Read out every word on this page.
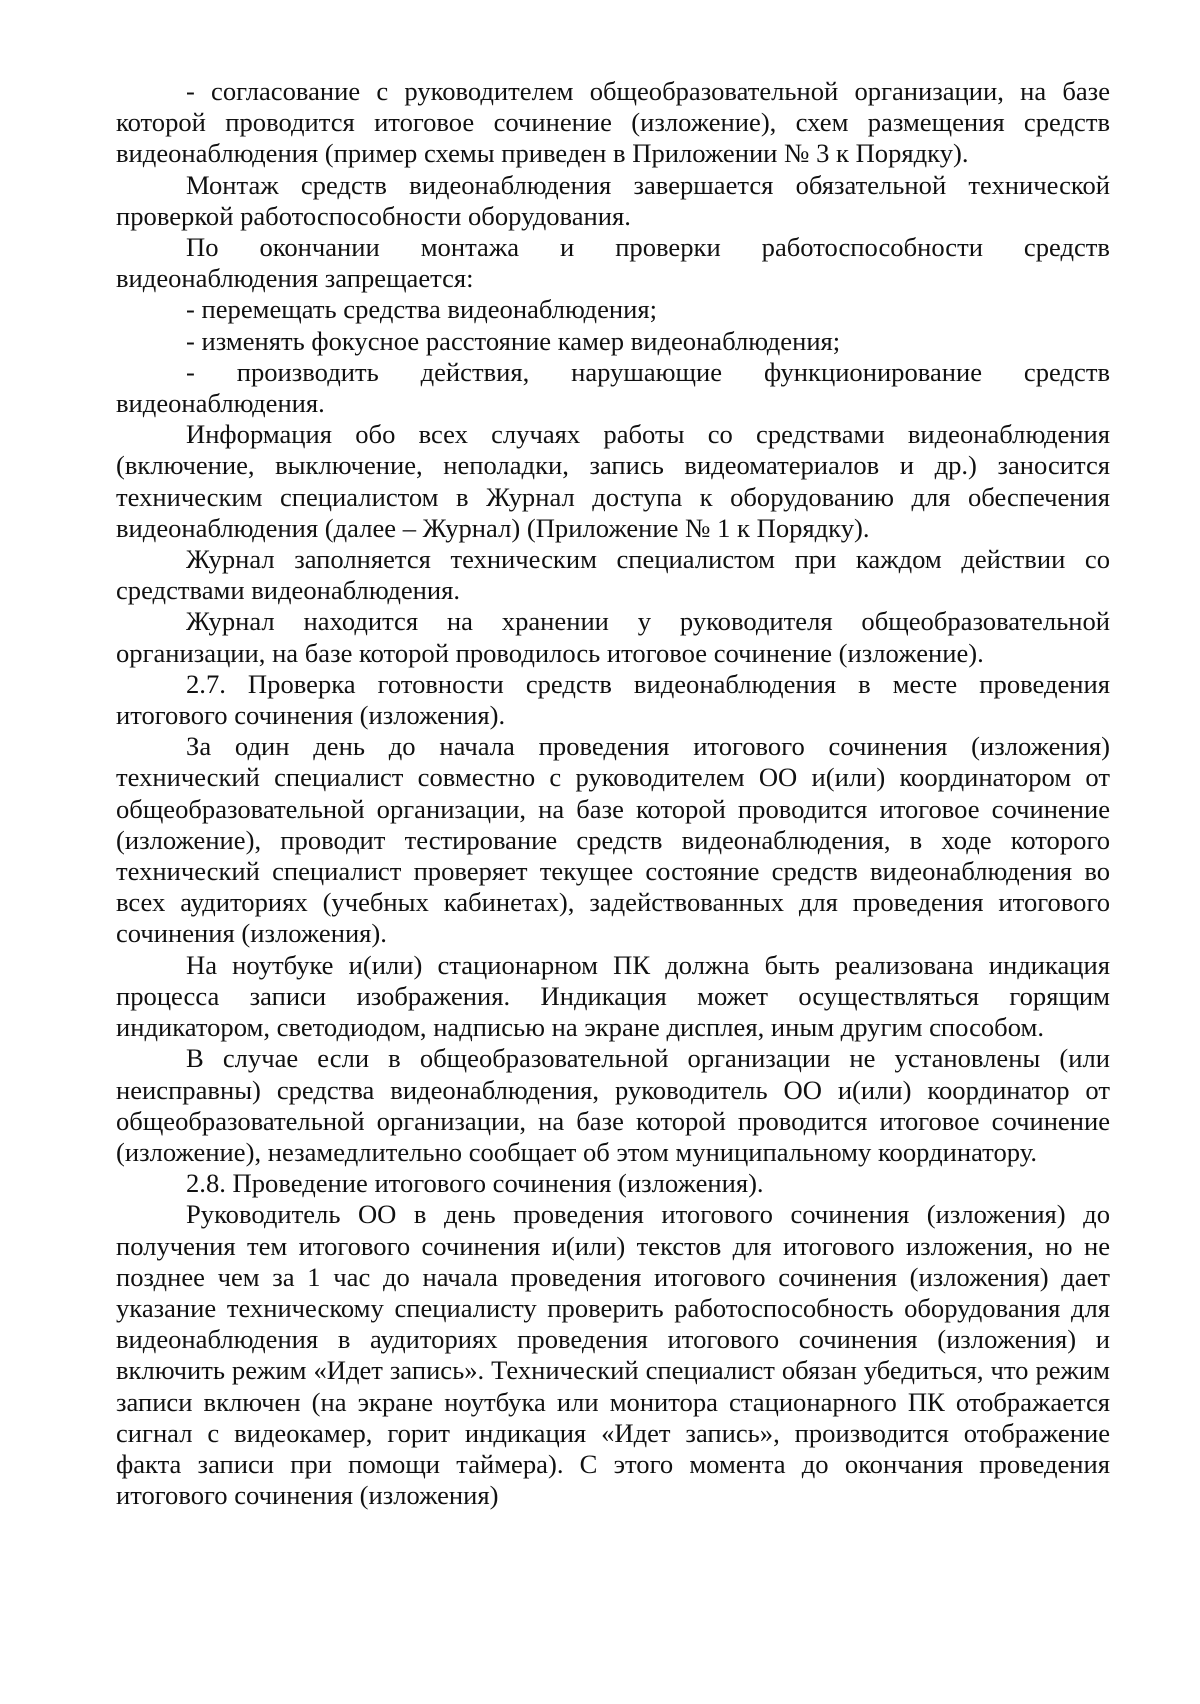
- согласование с руководителем общеобразовательной организации, на базе которой проводится итоговое сочинение (изложение), схем размещения средств видеонаблюдения (пример схемы приведен в Приложении № 3 к Порядку).

Монтаж средств видеонаблюдения завершается обязательной технической проверкой работоспособности оборудования.

По окончании монтажа и проверки работоспособности средств видеонаблюдения запрещается:

- перемещать средства видеонаблюдения;

- изменять фокусное расстояние камер видеонаблюдения;

- производить действия, нарушающие функционирование средств видеонаблюдения.

Информация обо всех случаях работы со средствами видеонаблюдения (включение, выключение, неполадки, запись видеоматериалов и др.) заносится техническим специалистом в Журнал доступа к оборудованию для обеспечения видеонаблюдения (далее – Журнал) (Приложение № 1 к Порядку).

Журнал заполняется техническим специалистом при каждом действии со средствами видеонаблюдения.

Журнал находится на хранении у руководителя общеобразовательной организации, на базе которой проводилось итоговое сочинение (изложение).

2.7. Проверка готовности средств видеонаблюдения в месте проведения итогового сочинения (изложения).

За один день до начала проведения итогового сочинения (изложения) технический специалист совместно с руководителем ОО и(или) координатором от общеобразовательной организации, на базе которой проводится итоговое сочинение (изложение), проводит тестирование средств видеонаблюдения, в ходе которого технический специалист проверяет текущее состояние средств видеонаблюдения во всех аудиториях (учебных кабинетах), задействованных для проведения итогового сочинения (изложения).

На ноутбуке и(или) стационарном ПК должна быть реализована индикация процесса записи изображения. Индикация может осуществляться горящим индикатором, светодиодом, надписью на экране дисплея, иным другим способом.

В случае если в общеобразовательной организации не установлены (или неисправны) средства видеонаблюдения, руководитель ОО и(или) координатор от общеобразовательной организации, на базе которой проводится итоговое сочинение (изложение), незамедлительно сообщает об этом муниципальному координатору.

2.8. Проведение итогового сочинения (изложения).

Руководитель ОО в день проведения итогового сочинения (изложения) до получения тем итогового сочинения и(или) текстов для итогового изложения, но не позднее чем за 1 час до начала проведения итогового сочинения (изложения) дает указание техническому специалисту проверить работоспособность оборудования для видеонаблюдения в аудиториях проведения итогового сочинения (изложения) и включить режим «Идет запись». Технический специалист обязан убедиться, что режим записи включен (на экране ноутбука или монитора стационарного ПК отображается сигнал с видеокамер, горит индикация «Идет запись», производится отображение факта записи при помощи таймера). С этого момента до окончания проведения итогового сочинения (изложения)
